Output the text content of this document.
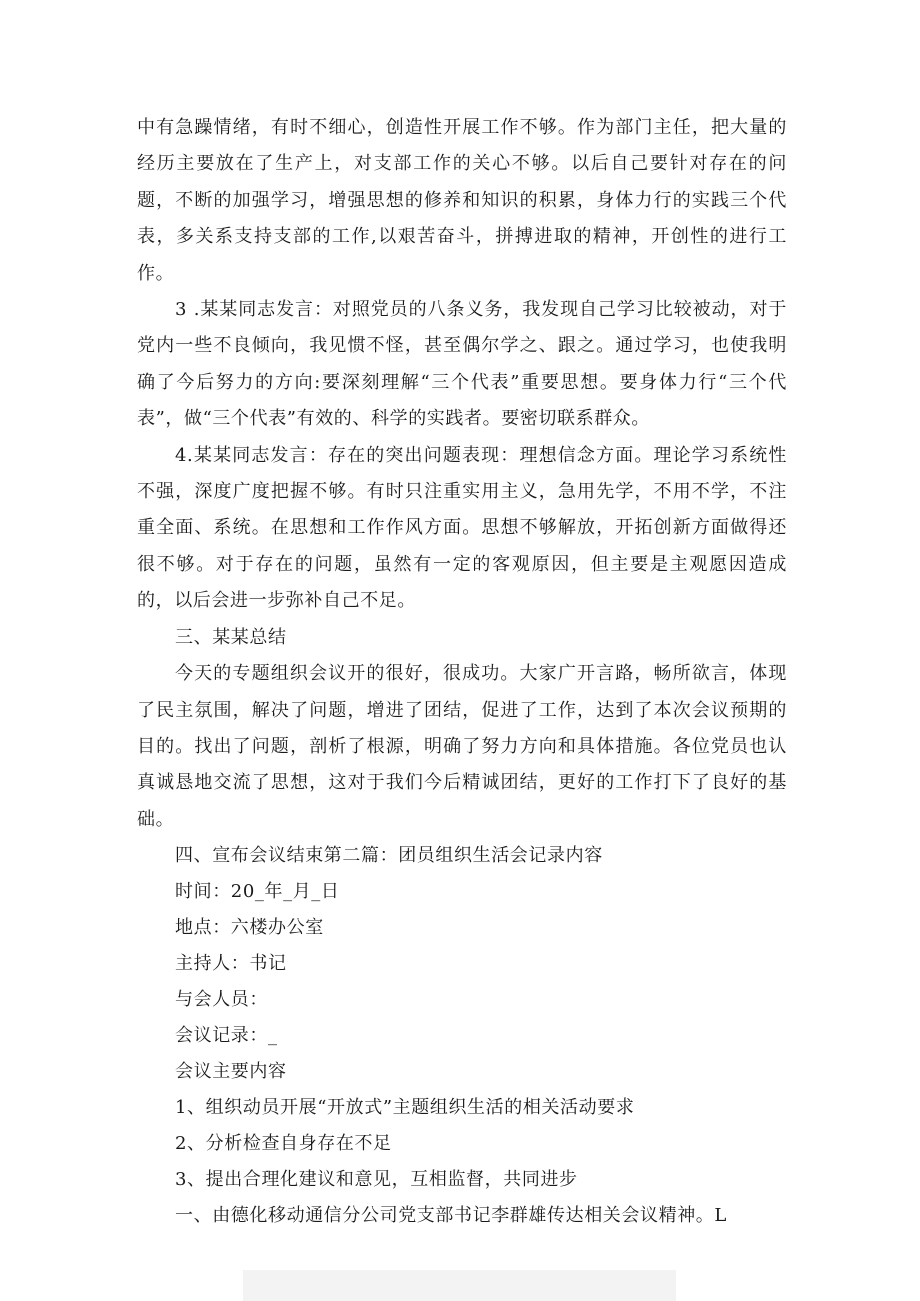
中有急躁情绪，有时不细心，创造性开展工作不够。作为部门主任，把大量的经历主要放在了生产上，对支部工作的关心不够。以后自己要针对存在的问题，不断的加强学习，增强思想的修养和知识的积累，身体力行的实践三个代表，多关系支持支部的工作,以艰苦奋斗，拼搏进取的精神，开创性的进行工作。

3 .某某同志发言：对照党员的八条义务，我发现自己学习比较被动，对于党内一些不良倾向，我见惯不怪，甚至偶尔学之、跟之。通过学习，也使我明确了今后努力的方向:要深刻理解“三个代表”重要思想。要身体力行“三个代表”，做“三个代表”有效的、科学的实践者。要密切联系群众。

4.某某同志发言：存在的突出问题表现：理想信念方面。理论学习系统性不强，深度广度把握不够。有时只注重实用主义，急用先学，不用不学，不注重全面、系统。在思想和工作作风方面。思想不够解放，开拓创新方面做得还很不够。对于存在的问题，虽然有一定的客观原因，但主要是主观愿因造成的，以后会进一步弥补自己不足。

三、某某总结

今天的专题组织会议开的很好，很成功。大家广开言路，畅所欲言，体现了民主氛围，解决了问题，增进了团结，促进了工作，达到了本次会议预期的目的。找出了问题，剖析了根源，明确了努力方向和具体措施。各位党员也认真诚恳地交流了思想，这对于我们今后精诚团结，更好的工作打下了良好的基础。

四、宣布会议结束第二篇：团员组织生活会记录内容

时间：20_年_月_日

地点：六楼办公室

主持人：书记

与会人员：

会议记录：_

会议主要内容

1、组织动员开展“开放式”主题组织生活的相关活动要求

2、分析检查自身存在不足

3、提出合理化建议和意见，互相监督，共同进步

一、由德化移动通信分公司党支部书记李群雄传达相关会议精神。L
